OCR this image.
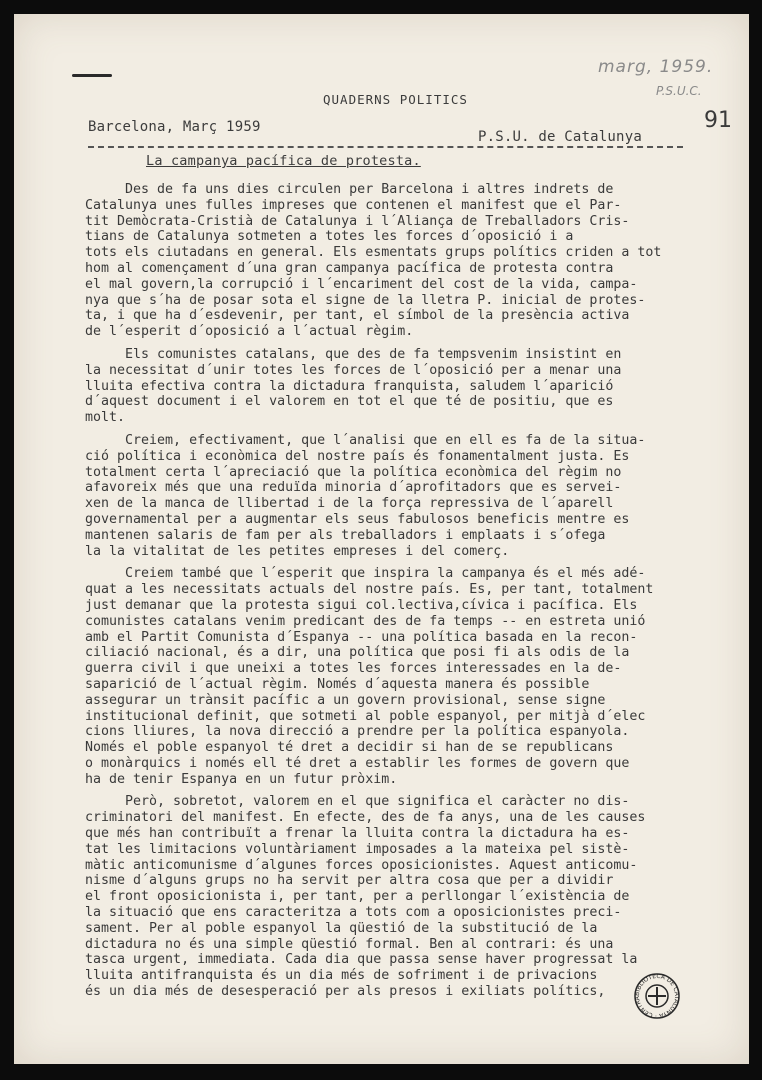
marg, 1959.
P.S.U.C.
91
QUADERNS POLITICS
Barcelona, Març 1959
P.S.U. de Catalunya
La campanya pacífica de protesta.
Des de fa uns dies circulen per Barcelona i altres indrets de
Catalunya unes fulles impreses que contenen el manifest que el Par-
tit Demòcrata-Cristià de Catalunya i l´Aliança de Treballadors Cris-
tians de Catalunya sotmeten a totes les forces d´oposició i a
tots els ciutadans en general. Els esmentats grups polítics criden a tot
hom al començament d´una gran campanya pacífica de protesta contra
el mal govern,la corrupció i l´encariment del cost de la vida, campa-
nya que s´ha de posar sota el signe de la lletra P. inicial de protes-
ta, i que ha d´esdevenir, per tant, el símbol de la presència activa
de l´esperit d´oposició a l´actual règim.
Els comunistes catalans, que des de fa tempsvenim insistint en
la necessitat d´unir totes les forces de l´oposició per a menar una
lluita efectiva contra la dictadura franquista, saludem l´aparició
d´aquest document i el valorem en tot el que té de positiu, que es
molt.
Creiem, efectivament, que l´analisi que en ell es fa de la situa-
ció política i econòmica del nostre país és fonamentalment justa. Es
totalment certa l´apreciació que la política econòmica del règim no
afavoreix més que una reduïda minoria d´aprofitadors que es servei-
xen de la manca de llibertad i de la força repressiva de l´aparell
governamental per a augmentar els seus fabulosos beneficis mentre es
mantenen salaris de fam per als treballadors i emplaats i s´ofega
la la vitalitat de les petites empreses i del comerç.
Creiem també que l´esperit que inspira la campanya és el més adé-
quat a les necessitats actuals del nostre país. Es, per tant, totalment
just demanar que la protesta sigui col.lectiva,cívica i pacífica. Els
comunistes catalans venim predicant des de fa temps -- en estreta unió
amb el Partit Comunista d´Espanya -- una política basada en la recon-
ciliació nacional, és a dir, una política que posi fi als odis de la
guerra civil i que uneixi a totes les forces interessades en la de-
saparició de l´actual règim. Només d´aquesta manera és possible
assegurar un trànsit pacífic a un govern provisional, sense signe
institucional definit, que sotmeti al poble espanyol, per mitjà d´elec
cions lliures, la nova direcció a prendre per la política espanyola.
Només el poble espanyol té dret a decidir si han de se republicans
o monàrquics i només ell té dret a establir les formes de govern que
ha de tenir Espanya en un futur pròxim.
Però, sobretot, valorem en el que significa el caràcter no dis-
criminatori del manifest. En efecte, des de fa anys, una de les causes
que més han contribuït a frenar la lluita contra la dictadura ha es-
tat les limitacions voluntàriament imposades a la mateixa pel sistè-
màtic anticomunisme d´algunes forces oposicionistes. Aquest anticomu-
nisme d´alguns grups no ha servit per altra cosa que per a dividir
el front oposicionista i, per tant, per a perllongar l´existència de
la situació que ens caracteritza a tots com a oposicionistes preci-
sament. Per al poble espanyol la qüestió de la substitució de la
dictadura no és una simple qüestió formal. Ben al contrari: és una
tasca urgent, immediata. Cada dia que passa sense haver progressat la
lluita antifranquista és un dia més de sofriment i de privacions
és un dia més de desesperació per als presos i exiliats polítics,	BIBLIOTECA DE CATALUNYA · CENTRA
